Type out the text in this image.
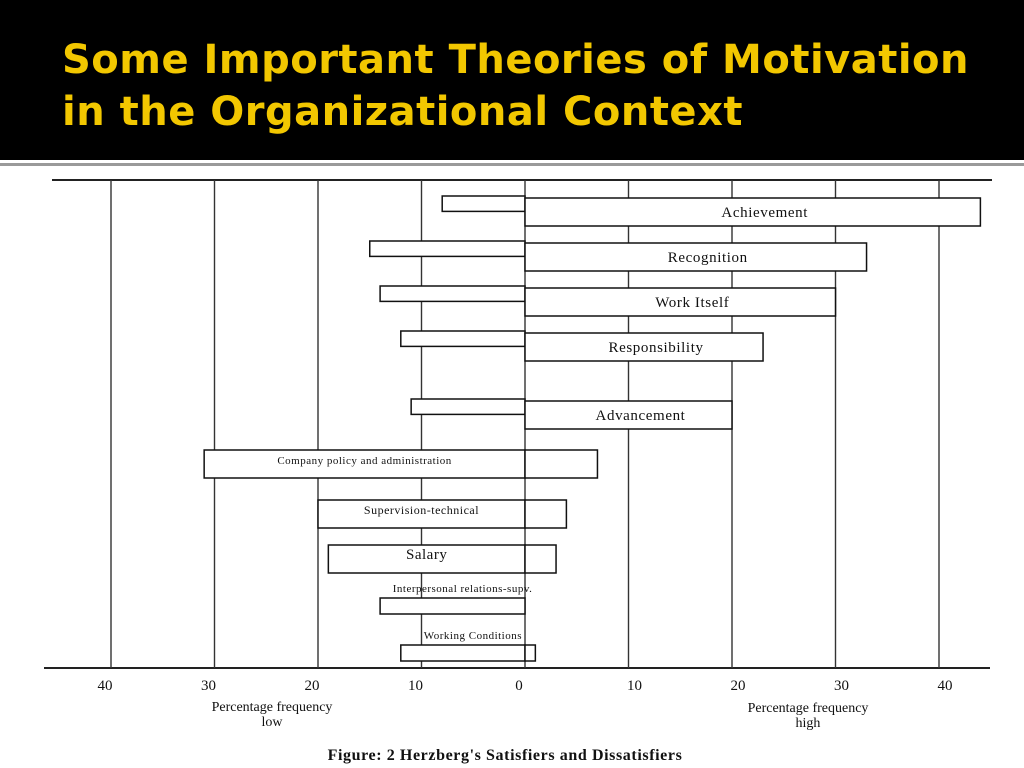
Some Important Theories of Motivation
in the Organizational Context
Achievement
Recognition
Work Itself
Responsibility
Advancement
Company policy and administration
Supervision-technical
Salary
Interpersonal relations-supv.
Working Conditions
40	30	20	10	0	10	20	30	40
Percentage frequency
low
Percentage frequency
high
Figure: 2 Herzberg's Satisfiers and Dissatisfiers
